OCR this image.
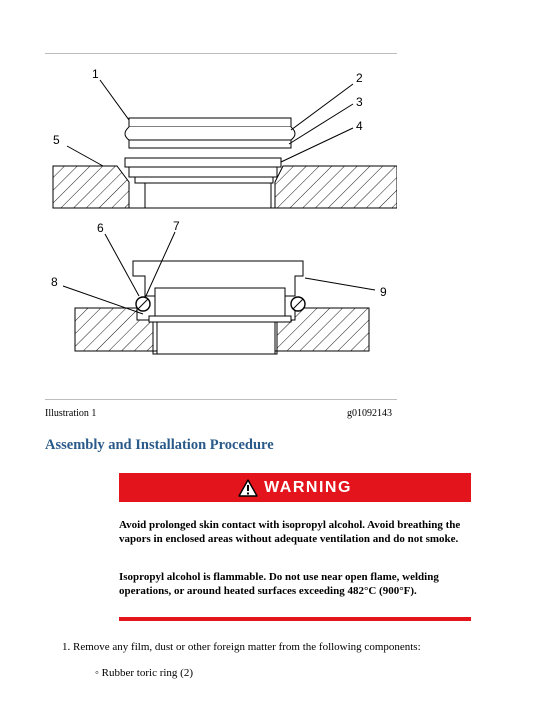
1	2
3
4
5
6	7
8
9
Illustration 1	g01092143
Assembly and Installation Procedure
WARNING

Avoid prolonged skin contact with isopropyl alcohol. Avoid breathing the vapors in enclosed areas without adequate ventilation and do not smoke.

Isopropyl alcohol is flammable. Do not use near open flame, welding operations, or around heated surfaces exceeding 482°C (900°F).

1. Remove any film, dust or other foreign matter from the following components:
◦ Rubber toric ring (2)
